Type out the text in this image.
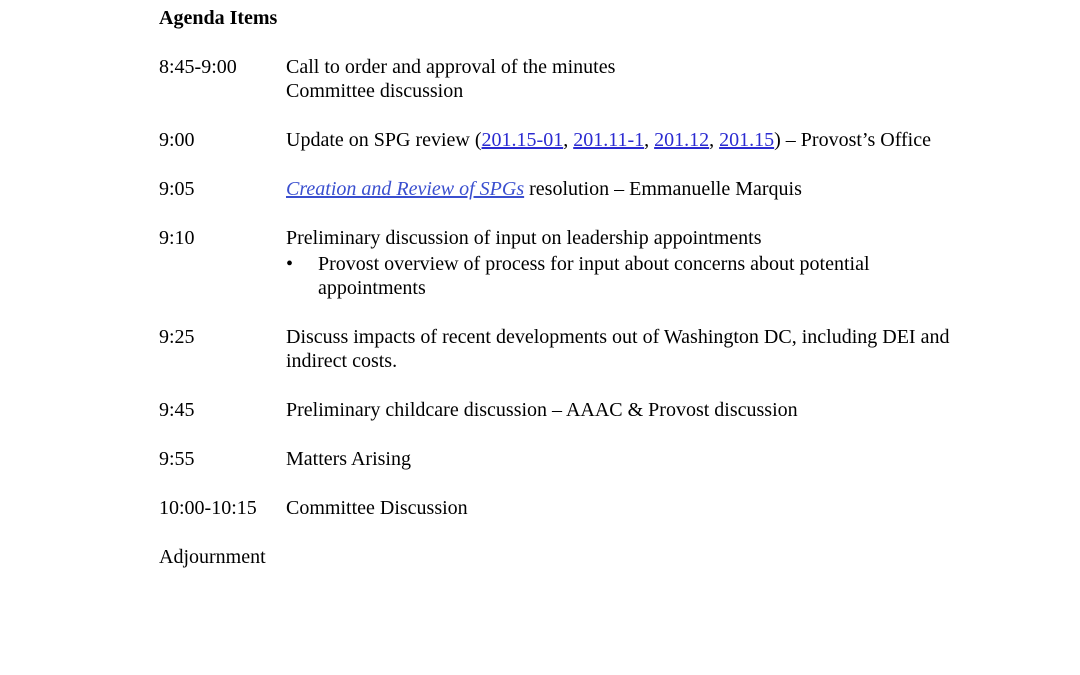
Agenda Items
8:45-9:00	Call to order and approval of the minutes
Committee discussion
9:00	Update on SPG review (201.15-01, 201.11-1, 201.12, 201.15) – Provost’s Office
9:05	Creation and Review of SPGs resolution – Emmanuelle Marquis
9:10	Preliminary discussion of input on leadership appointments
•	Provost overview of process for input about concerns about potential appointments
9:25	Discuss impacts of recent developments out of Washington DC, including DEI and indirect costs.
9:45	Preliminary childcare discussion – AAAC & Provost discussion
9:55	Matters Arising
10:00-10:15	Committee Discussion
Adjournment
